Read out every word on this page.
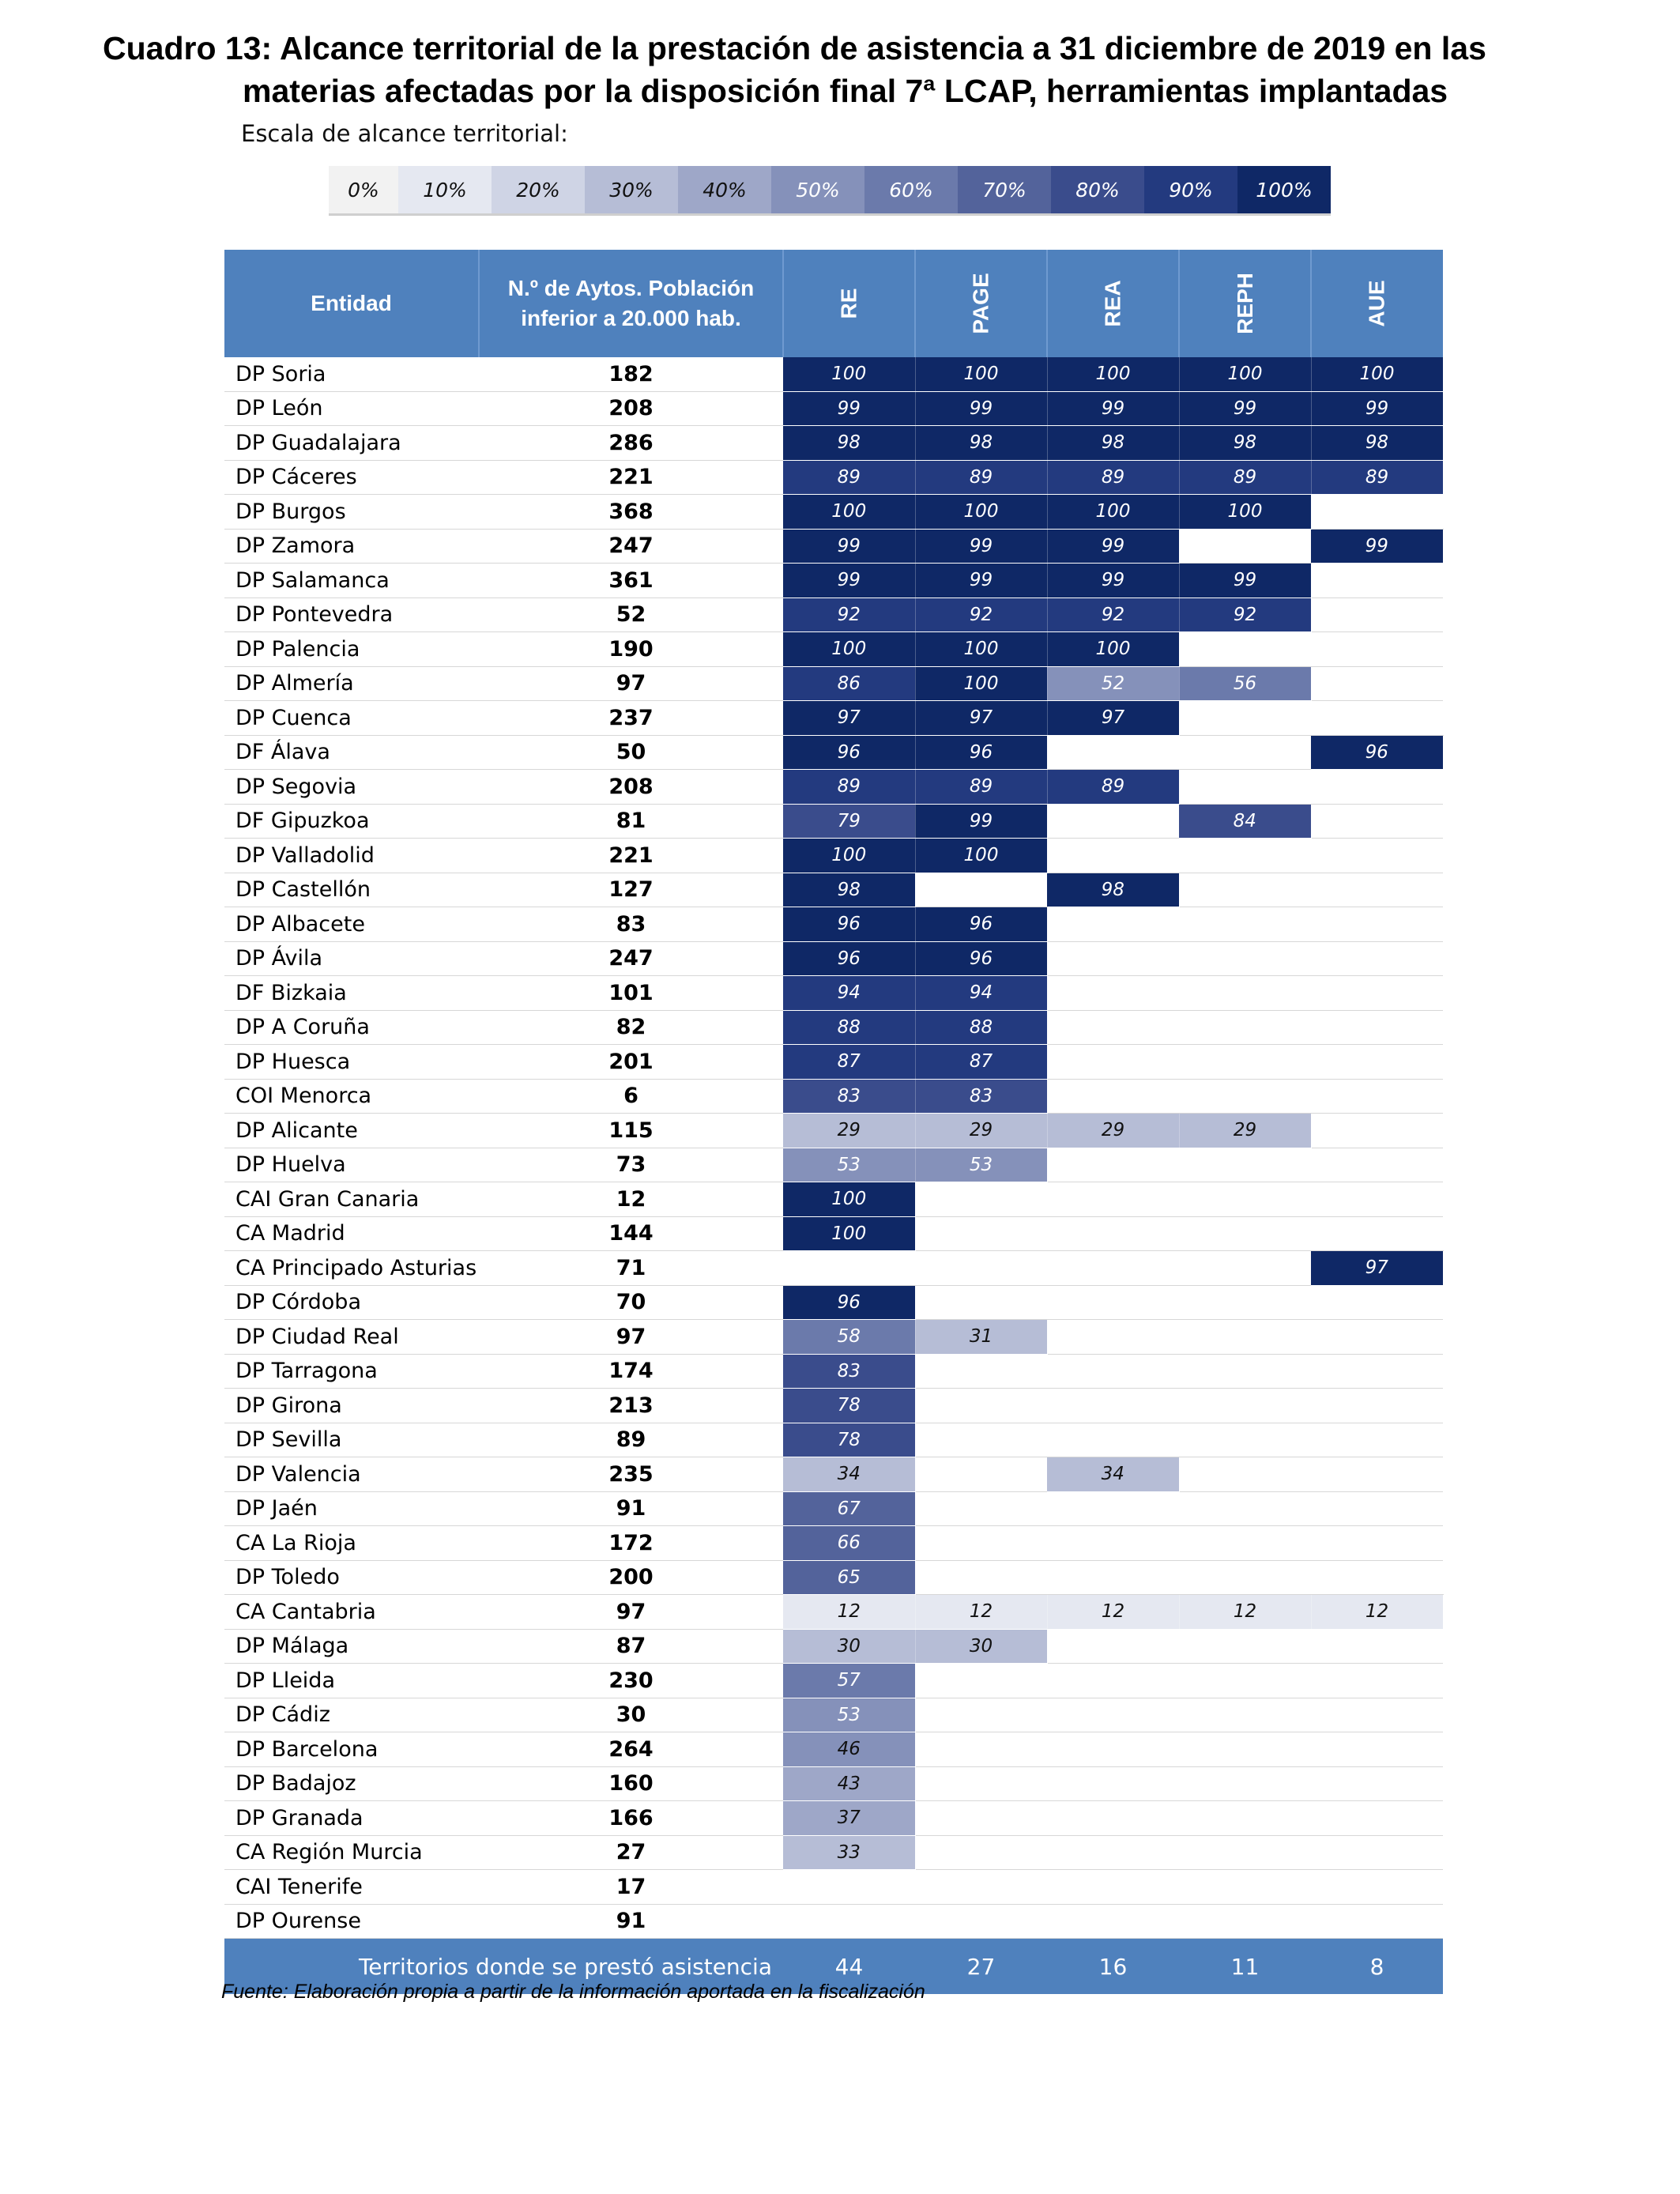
Cuadro 13: Alcance territorial de la prestación de asistencia a 31 diciembre de 2019 en las
materias afectadas por la disposición final 7ª LCAP, herramientas implantadas
Escala de alcance territorial:
0%	10%	20%	30%	40%	50%	60%	70%	80%	90%	100%
Entidad	N.º de Aytos. Población
inferior a 20.000 hab.	RE	PAGE	REA	REPH	AUE
DP Soria	182	100	100	100	100	100
DP León	208	99	99	99	99	99
DP Guadalajara	286	98	98	98	98	98
DP Cáceres	221	89	89	89	89	89
DP Burgos	368	100	100	100	100	
DP Zamora	247	99	99	99		99
DP Salamanca	361	99	99	99	99	
DP Pontevedra	52	92	92	92	92	
DP Palencia	190	100	100	100		
DP Almería	97	86	100	52	56	
DP Cuenca	237	97	97	97		
DF Álava	50	96	96			96
DP Segovia	208	89	89	89		
DF Gipuzkoa	81	79	99		84	
DP Valladolid	221	100	100			
DP Castellón	127	98		98		
DP Albacete	83	96	96			
DP Ávila	247	96	96			
DF Bizkaia	101	94	94			
DP A Coruña	82	88	88			
DP Huesca	201	87	87			
COI Menorca	6	83	83			
DP Alicante	115	29	29	29	29	
DP Huelva	73	53	53			
CAI Gran Canaria	12	100				
CA Madrid	144	100				
CA Principado Asturias	71					97
DP Córdoba	70	96				
DP Ciudad Real	97	58	31			
DP Tarragona	174	83				
DP Girona	213	78				
DP Sevilla	89	78				
DP Valencia	235	34		34		
DP Jaén	91	67				
CA La Rioja	172	66				
DP Toledo	200	65				
CA Cantabria	97	12	12	12	12	12
DP Málaga	87	30	30			
DP Lleida	230	57				
DP Cádiz	30	53				
DP Barcelona	264	46				
DP Badajoz	160	43				
DP Granada	166	37				
CA Región Murcia	27	33				
CAI Tenerife	17					
DP Ourense	91					
Territorios donde se prestó asistencia		44	27	16	11	8
Fuente: Elaboración propia a partir de la información aportada en la fiscalización
